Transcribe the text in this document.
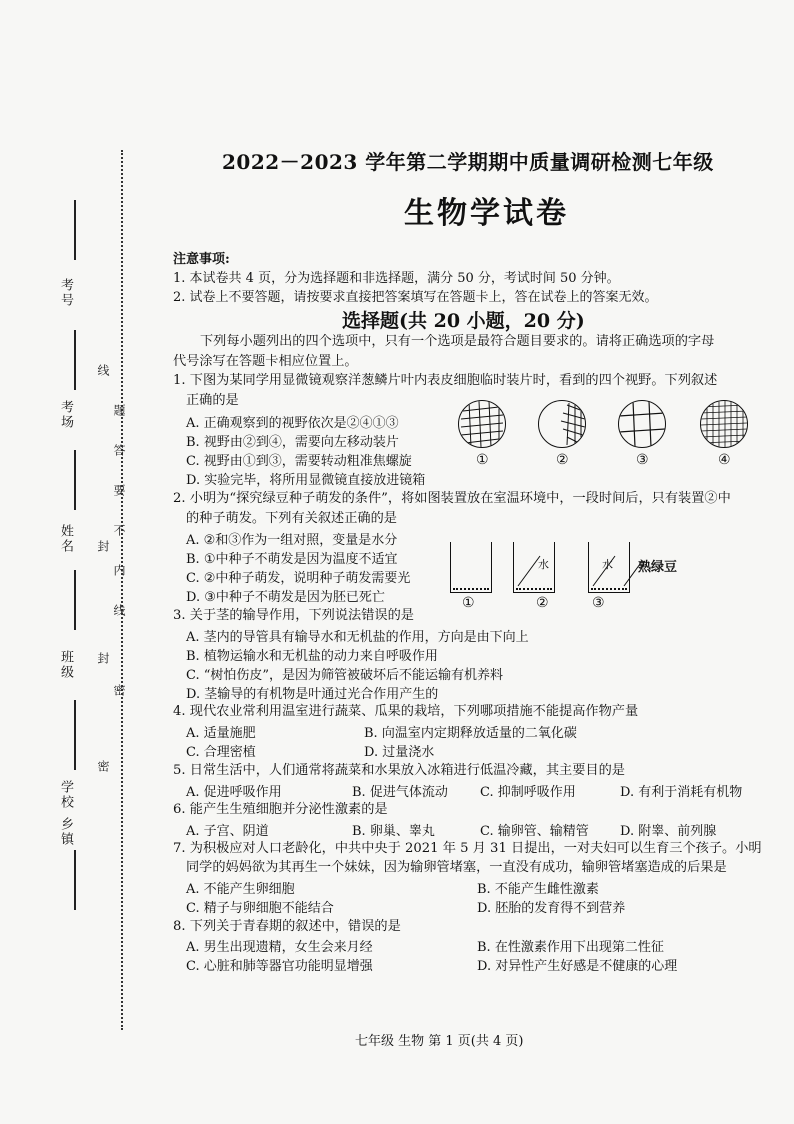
2022－2023 学年第二学期期中质量调研检测七年级
生物学试卷
注意事项:
1. 本试卷共 4 页，分为选择题和非选择题，满分 50 分，考试时间 50 分钟。
2. 试卷上不要答题，请按要求直接把答案填写在答题卡上，答在试卷上的答案无效。
选择题(共 20 小题，20 分)
下列每小题列出的四个选项中，只有一个选项是最符合题目要求的。请将正确选项的字母
代号涂写在答题卡相应位置上。
考号
考场
姓名
班级
学校
乡镇
线
题
答
要
不
内
线
封
密
封
密
1. 下图为某同学用显微镜观察洋葱鳞片叶内表皮细胞临时装片时，看到的四个视野。下列叙述
正确的是
A. 正确观察到的视野依次是②④①③
B. 视野由②到④，需要向左移动装片
C. 视野由①到③，需要转动粗准焦螺旋
D. 实验完毕，将所用显微镜直接放进镜箱
①	②	③	④
2. 小明为“探究绿豆种子萌发的条件”，将如图装置放在室温环境中，一段时间后，只有装置②中
的种子萌发。下列有关叙述正确的是
A. ②和③作为一组对照，变量是水分
B. ①中种子不萌发是因为温度不适宜
C. ②中种子萌发，说明种子萌发需要光
D. ③中种子不萌发是因为胚已死亡	①
水
②
水
③
熟绿豆
3. 关于茎的输导作用，下列说法错误的是
A. 茎内的导管具有输导水和无机盐的作用，方向是由下向上
B. 植物运输水和无机盐的动力来自呼吸作用
C. “树怕伤皮”，是因为筛管被破坏后不能运输有机养料
D. 茎输导的有机物是叶通过光合作用产生的
4. 现代农业常利用温室进行蔬菜、瓜果的栽培，下列哪项措施不能提高作物产量
A. 适量施肥	B. 向温室内定期释放适量的二氧化碳
C. 合理密植	D. 过量浇水
5. 日常生活中，人们通常将蔬菜和水果放入冰箱进行低温冷藏，其主要目的是
A. 促进呼吸作用	B. 促进气体流动 C. 抑制呼吸作用	D. 有利于消耗有机物
6. 能产生生殖细胞并分泌性激素的是
A. 子宫、阴道	B. 卵巢、睾丸	C. 输卵管、输精管 D. 附睾、前列腺
7. 为积极应对人口老龄化，中共中央于 2021 年 5 月 31 日提出，一对夫妇可以生育三个孩子。小明
同学的妈妈欲为其再生一个妹妹，因为输卵管堵塞，一直没有成功，输卵管堵塞造成的后果是
A. 不能产生卵细胞	B. 不能产生雌性激素
C. 精子与卵细胞不能结合	D. 胚胎的发育得不到营养
8. 下列关于青春期的叙述中，错误的是
A. 男生出现遗精，女生会来月经	B. 在性激素作用下出现第二性征
C. 心脏和肺等器官功能明显增强	D. 对异性产生好感是不健康的心理
七年级 生物 第 1 页(共 4 页)
